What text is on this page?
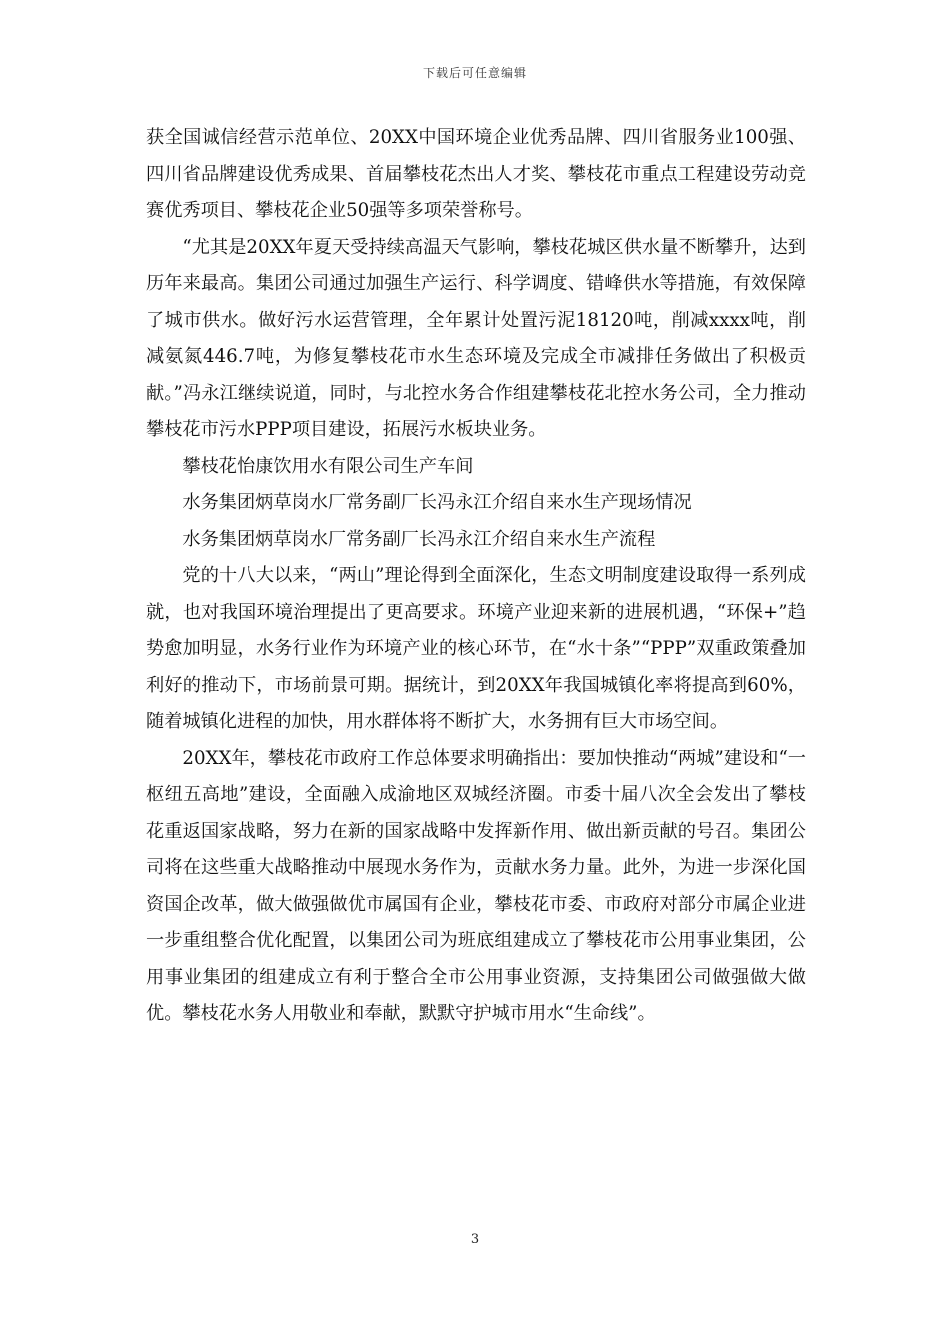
下载后可任意编辑

获全国诚信经营示范单位、20XX中国环境企业优秀品牌、四川省服务业100强、四川省品牌建设优秀成果、首届攀枝花杰出人才奖、攀枝花市重点工程建设劳动竞赛优秀项目、攀枝花企业50强等多项荣誉称号。

“尤其是20XX年夏天受持续高温天气影响，攀枝花城区供水量不断攀升，达到历年来最高。集团公司通过加强生产运行、科学调度、错峰供水等措施，有效保障了城市供水。做好污水运营管理，全年累计处置污泥18120吨，削减xxxx吨，削减氨氮446.7吨，为修复攀枝花市水生态环境及完成全市减排任务做出了积极贡献。”冯永江继续说道，同时，与北控水务合作组建攀枝花北控水务公司，全力推动攀枝花市污水PPP项目建设，拓展污水板块业务。

攀枝花怡康饮用水有限公司生产车间

水务集团炳草岗水厂常务副厂长冯永江介绍自来水生产现场情况

水务集团炳草岗水厂常务副厂长冯永江介绍自来水生产流程

党的十八大以来，“两山”理论得到全面深化，生态文明制度建设取得一系列成就，也对我国环境治理提出了更高要求。环境产业迎来新的进展机遇，“环保+”趋势愈加明显，水务行业作为环境产业的核心环节，在“水十条”“PPP”双重政策叠加利好的推动下，市场前景可期。据统计，到20XX年我国城镇化率将提高到60%，随着城镇化进程的加快，用水群体将不断扩大，水务拥有巨大市场空间。

20XX年，攀枝花市政府工作总体要求明确指出：要加快推动“两城”建设和“一枢纽五高地”建设，全面融入成渝地区双城经济圈。市委十届八次全会发出了攀枝花重返国家战略，努力在新的国家战略中发挥新作用、做出新贡献的号召。集团公司将在这些重大战略推动中展现水务作为，贡献水务力量。此外，为进一步深化国资国企改革，做大做强做优市属国有企业，攀枝花市委、市政府对部分市属企业进一步重组整合优化配置，以集团公司为班底组建成立了攀枝花市公用事业集团，公用事业集团的组建成立有利于整合全市公用事业资源，支持集团公司做强做大做优。攀枝花水务人用敬业和奉献，默默守护城市用水“生命线”。

3
